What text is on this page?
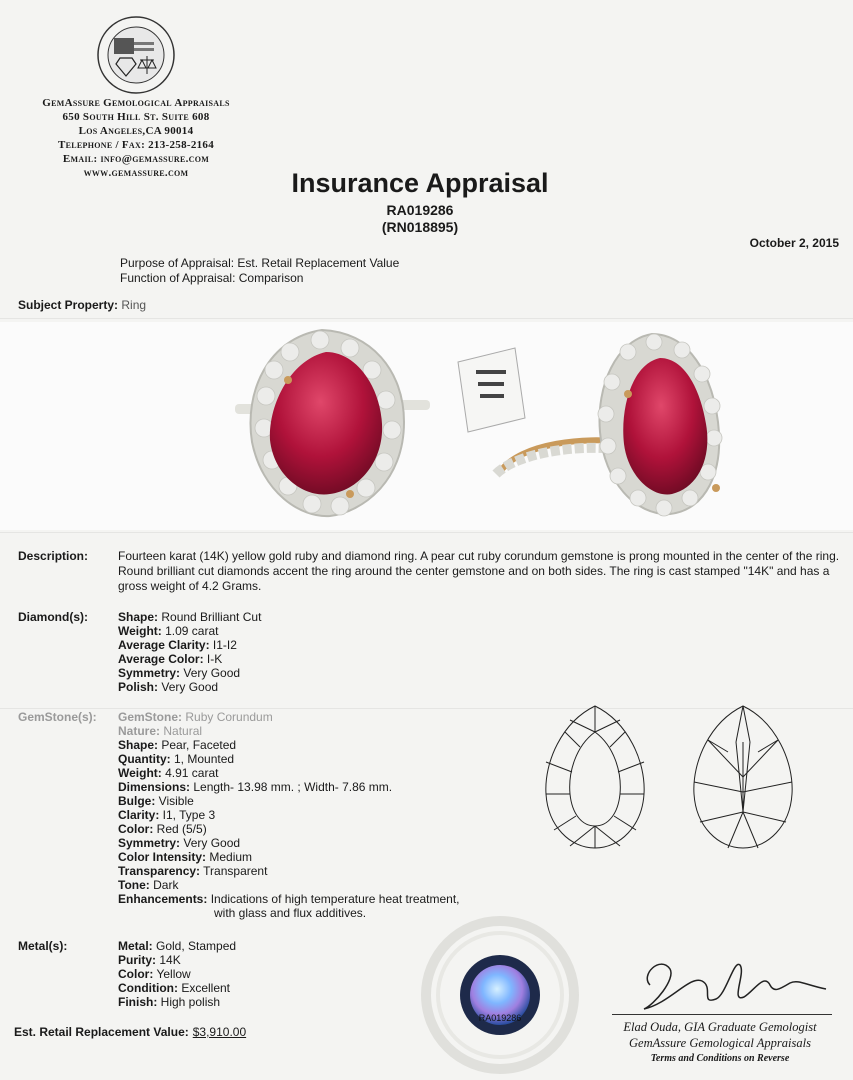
GemAssure Gemological Appraisals
650 South Hill St. Suite 608
Los Angeles,CA 90014
Telephone / Fax: 213-258-2164
Email: info@gemassure.com
www.gemassure.com	Insurance Appraisal
RA019286
(RN018895)
October 2, 2015
Purpose of Appraisal: Est. Retail Replacement Value
Function of Appraisal: Comparison
Subject Property: Ring
Description: Fourteen karat (14K) yellow gold ruby and diamond ring. A pear cut ruby corundum gemstone is prong mounted in the center of the ring. Round brilliant cut diamonds accent the ring around the center gemstone and on both sides. The ring is cast stamped "14K" and has a gross weight of 4.2 Grams.
Diamond(s):	Shape: Round Brilliant Cut
Weight: 1.09 carat
Average Clarity: I1-I2
Average Color: I-K
Symmetry: Very Good
Polish: Very Good
GemStone(s): GemStone: Ruby Corundum
Nature: Natural
Shape: Pear, Faceted
Quantity: 1, Mounted
Weight: 4.91 carat
Dimensions: Length- 13.98 mm. ; Width- 7.86 mm.
Bulge: Visible
Clarity: I1, Type 3
Color: Red (5/5)
Symmetry: Very Good
Color Intensity: Medium
Transparency: Transparent
Tone: Dark
Enhancements: Indications of high temperature heat treatment,
with glass and flux additives.
Metal(s):	Metal: Gold, Stamped
Purity: 14K
Color: Yellow
Condition: Excellent
Finish: High polish
RA019286
Elad Ouda, GIA Graduate Gemologist
GemAssure Gemological Appraisals
Terms and Conditions on Reverse
Est. Retail Replacement Value: $3,910.00
